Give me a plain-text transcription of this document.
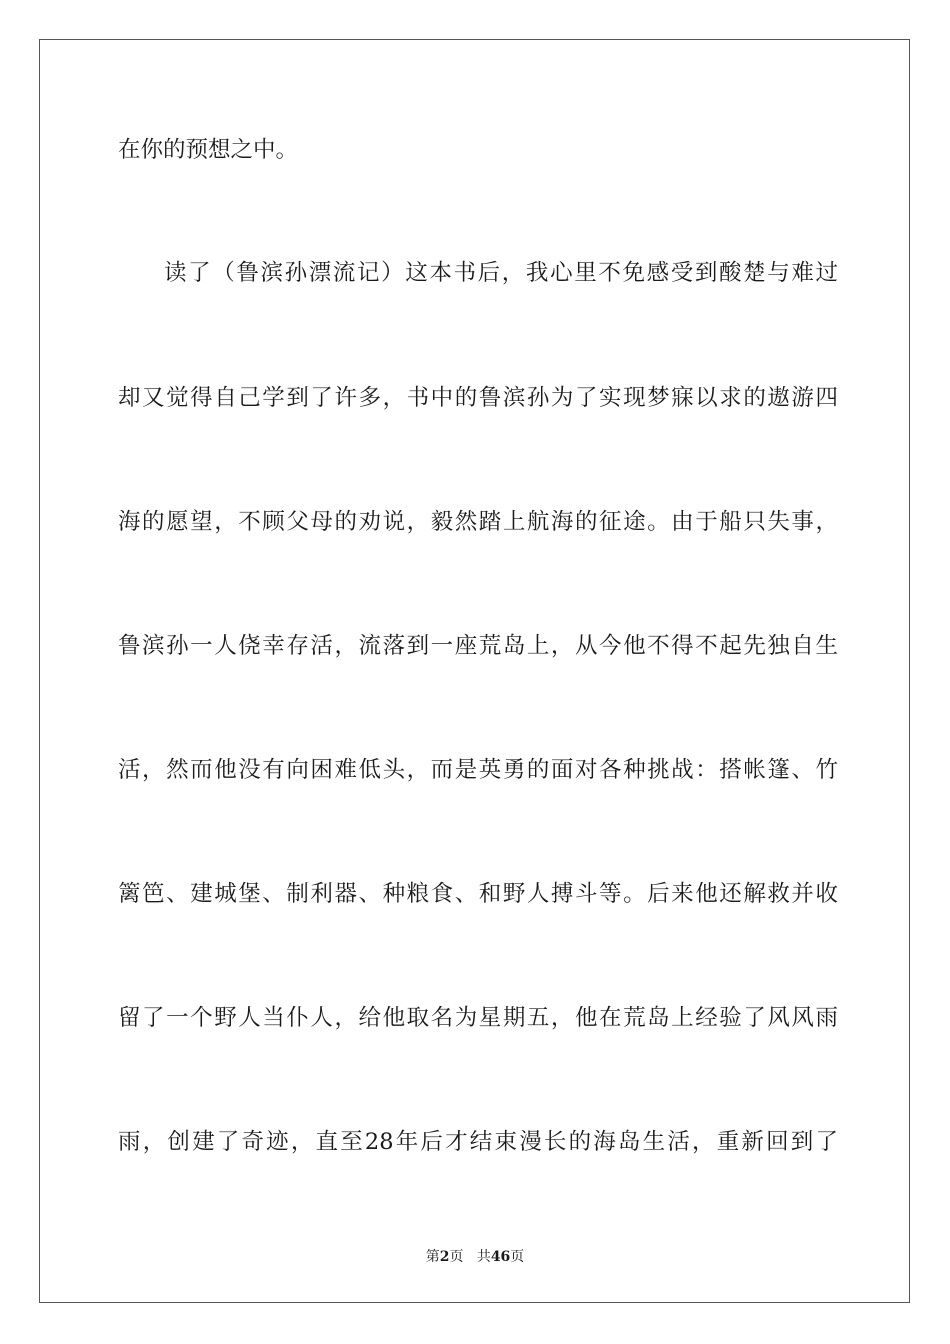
在你的预想之中。
读了（鲁滨孙漂流记）这本书后，我心里不免感受到酸楚与难过
却又觉得自己学到了许多，书中的鲁滨孙为了实现梦寐以求的遨游四
海的愿望，不顾父母的劝说，毅然踏上航海的征途。由于船只失事，
鲁滨孙一人侥幸存活，流落到一座荒岛上，从今他不得不起先独自生
活，然而他没有向困难低头，而是英勇的面对各种挑战：搭帐篷、竹
篱笆、建城堡、制利器、种粮食、和野人搏斗等。后来他还解救并收
留了一个野人当仆人，给他取名为星期五，他在荒岛上经验了风风雨
雨，创建了奇迹，直至28年后才结束漫长的海岛生活，重新回到了
第2页 共46页
